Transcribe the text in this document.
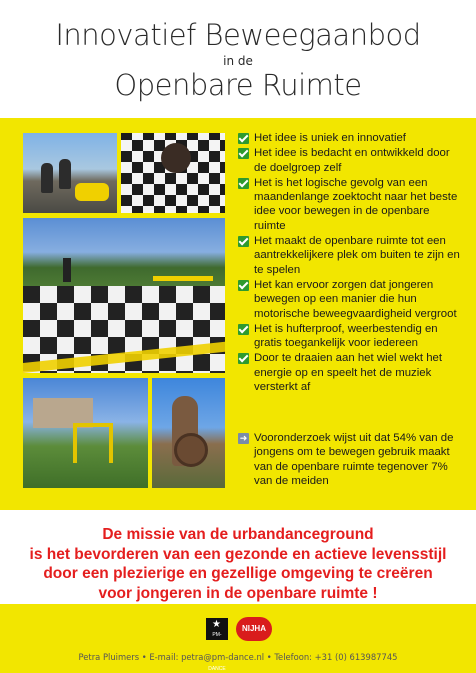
Innovatief Beweegaanbod
in de
Openbare Ruimte
Het idee is uniek en innovatief
Het idee is bedacht en ontwikkeld door de doelgroep zelf
Het is het logische gevolg van een maandenlange zoektocht naar het beste idee voor bewegen in de openbare ruimte
Het maakt de openbare ruimte tot een aantrekkelijkere plek om buiten te zijn en te spelen
Het kan ervoor zorgen dat jongeren bewegen op een manier die hun motorische beweegvaardigheid vergroot
Het is hufterproof, weerbestendig en gratis toegankelijk voor iedereen
Door te draaien aan het wiel wekt het energie op en speelt het de muziek versterkt af
➜ Vooronderzoek wijst uit dat 54% van de jongens om te bewegen gebruik maakt van de openbare ruimte tegenover 7% van de meiden
De missie van de urbandanceground
is het bevorderen van een gezonde en actieve levensstijl
door een plezierige en gezellige omgeving te creëren
voor jongeren in de openbare ruimte !
★
PM-DANCE
NIJHA
Petra Pluimers • E-mail: petra@pm-dance.nl • Telefoon: +31 (0) 613987745
